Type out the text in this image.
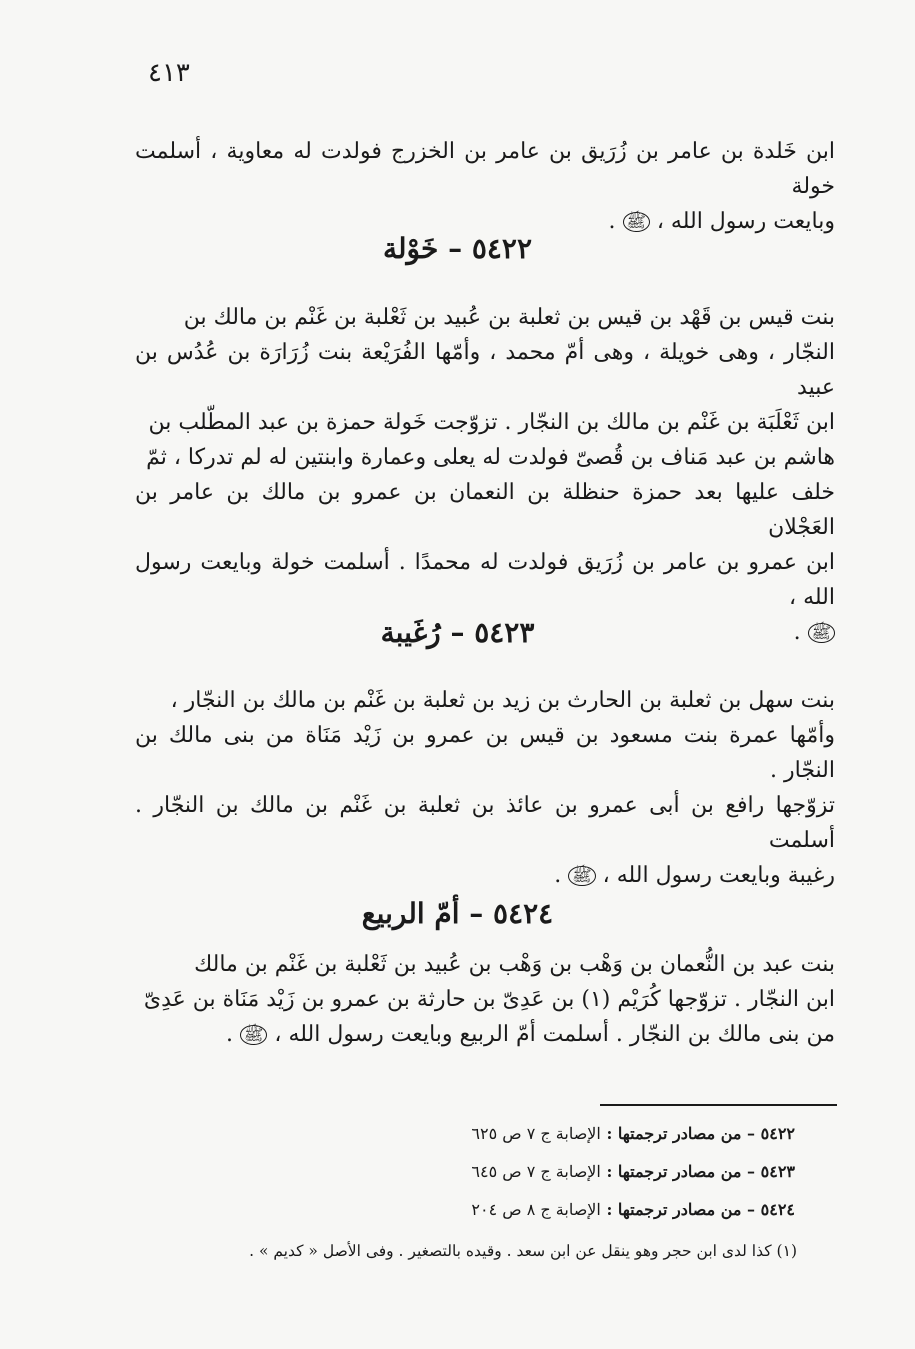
٤١٣
ابن خَلدة بن عامر بن زُرَيق بن عامر بن الخزرج فولدت له معاوية ، أسلمت خولة
وبايعت رسول الله ، ﷺ .
٥٤٢٢ – خَوْلة
بنت قيس بن قَهْد بن قيس بن ثعلبة بن عُبيد بن ثَعْلبة بن غَنْم بن مالك بن
النجّار ، وهى خويلة ، وهى أمّ محمد ، وأمّها الفُرَيْعة بنت زُرَارَة بن عُدُس بن عبيد
ابن ثَعْلَبَة بن غَنْم بن مالك بن النجّار . تزوّجت خَولة حمزة بن عبد المطّلب بن
هاشم بن عبد مَناف بن قُصىّ فولدت له يعلى وعمارة وابنتين له لم تدركا ، ثمّ
خلف عليها بعد حمزة حنظلة بن النعمان بن عمرو بن مالك بن عامر بن العَجْلان
ابن عمرو بن عامر بن زُرَيق فولدت له محمدًا . أسلمت خولة وبايعت رسول الله ،
ﷺ .
٥٤٢٣ – رُغَيبة
بنت سهل بن ثعلبة بن الحارث بن زيد بن ثعلبة بن غَنْم بن مالك بن النجّار ،
وأمّها عمرة بنت مسعود بن قيس بن عمرو بن زَيْد مَنَاة من بنى مالك بن النجّار .
تزوّجها رافع بن أبى عمرو بن عائذ بن ثعلبة بن غَنْم بن مالك بن النجّار . أسلمت
رغيبة وبايعت رسول الله ، ﷺ .
٥٤٢٤ – أمّ الربيع
بنت عبد بن النُّعمان بن وَهْب بن وَهْب بن عُبيد بن ثَعْلبة بن غَنْم بن مالك
ابن النجّار . تزوّجها كُرَيْم (١) بن عَدِىّ بن حارثة بن عمرو بن زَيْد مَنَاة بن عَدِىّ
من بنى مالك بن النجّار . أسلمت أمّ الربيع وبايعت رسول الله ، ﷺ .
٥٤٢٢ – من مصادر ترجمتها : الإصابة ج ٧ ص ٦٢٥
٥٤٢٣ – من مصادر ترجمتها : الإصابة ج ٧ ص ٦٤٥
٥٤٢٤ – من مصادر ترجمتها : الإصابة ج ٨ ص ٢٠٤
(١) كذا لدى ابن حجر وهو ينقل عن ابن سعد . وقيده بالتصغير . وفى الأصل « كديم » .
